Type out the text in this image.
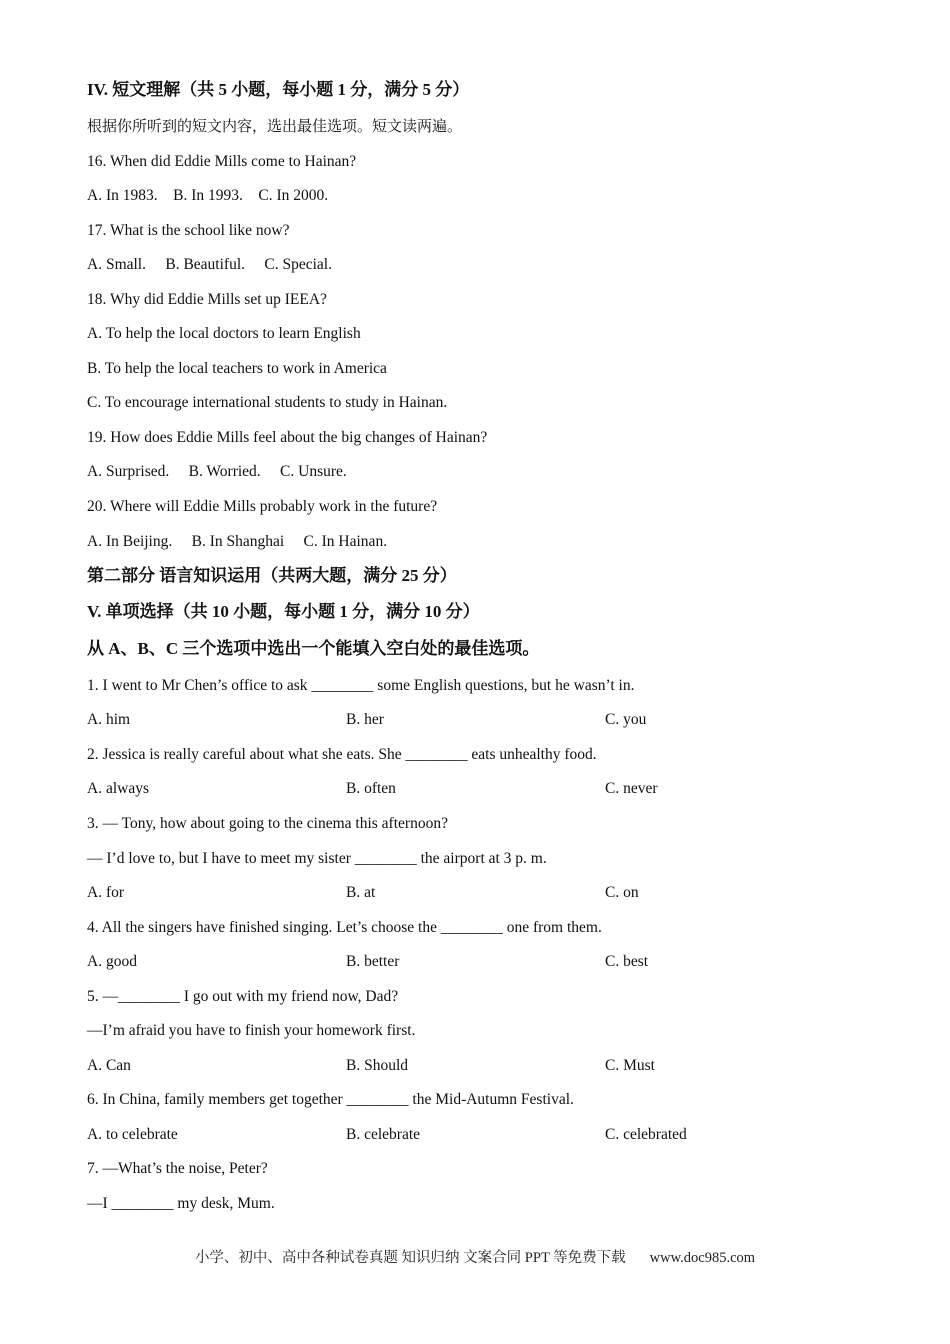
IV. 短文理解（共 5 小题，每小题 1 分，满分 5 分）
根据你所听到的短文内容，选出最佳选项。短文读两遍。
16. When did Eddie Mills come to Hainan?
A. In 1983.    B. In 1993.    C. In 2000.
17. What is the school like now?
A. Small.     B. Beautiful.     C. Special.
18. Why did Eddie Mills set up IEEA?
A. To help the local doctors to learn English
B. To help the local teachers to work in America
C. To encourage international students to study in Hainan.
19. How does Eddie Mills feel about the big changes of Hainan?
A. Surprised.     B. Worried.     C. Unsure.
20. Where will Eddie Mills probably work in the future?
A. In Beijing.     B. In Shanghai     C. In Hainan.
第二部分 语言知识运用（共两大题，满分 25 分）
V. 单项选择（共 10 小题，每小题 1 分，满分 10 分）
从 A、B、C 三个选项中选出一个能填入空白处的最佳选项。
1. I went to Mr Chen’s office to ask ________ some English questions, but he wasn’t in.
A. him	B. her	C. you
2. Jessica is really careful about what she eats. She ________ eats unhealthy food.
A. always	B. often	C. never
3. — Tony, how about going to the cinema this afternoon?
— I’d love to, but I have to meet my sister ________ the airport at 3 p. m.
A. for	B. at	C. on
4. All the singers have finished singing. Let’s choose the ________ one from them.
A. good	B. better	C. best
5. —________ I go out with my friend now, Dad?
—I’m afraid you have to finish your homework first.
A. Can	B. Should	C. Must
6. In China, family members get together ________ the Mid-Autumn Festival.
A. to celebrate	B. celebrate	C. celebrated
7. —What’s the noise, Peter?
—I ________ my desk, Mum.
小学、初中、高中各种试卷真题 知识归纳 文案合同 PPT 等免费下载 www.doc985.com
